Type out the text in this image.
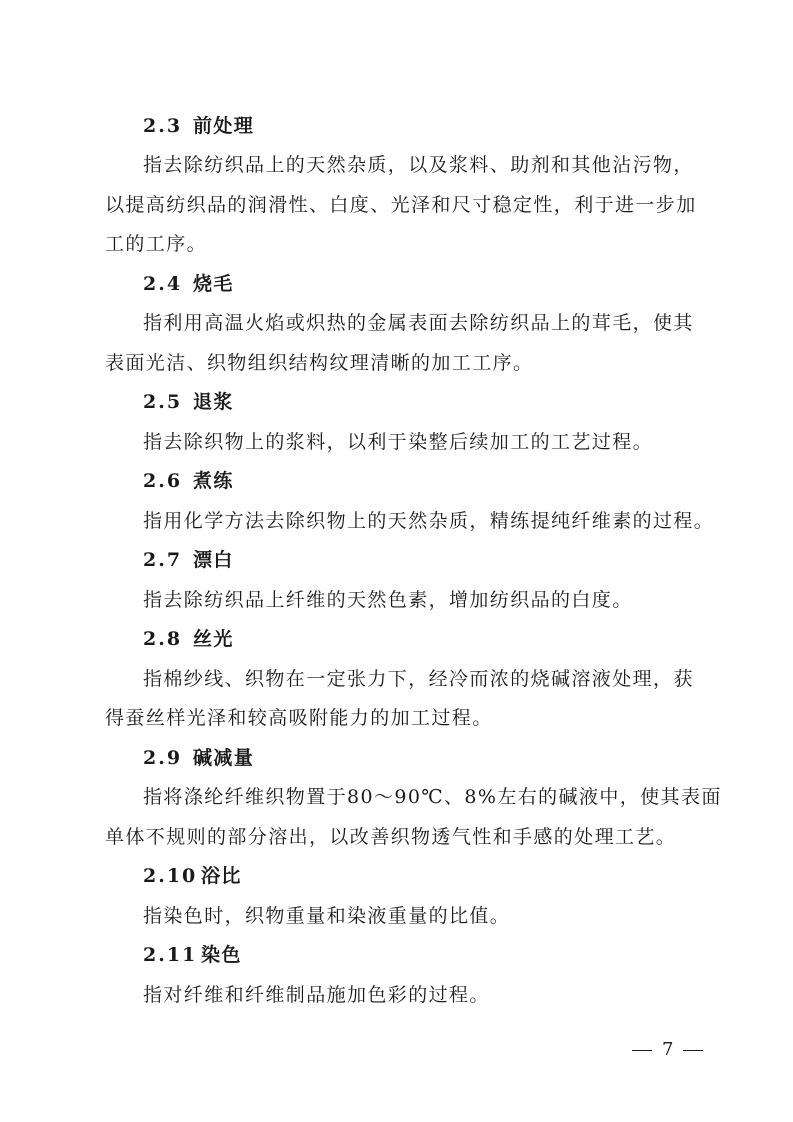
2.3 前处理
指去除纺织品上的天然杂质，以及浆料、助剂和其他沾污物，
以提高纺织品的润滑性、白度、光泽和尺寸稳定性，利于进一步加
工的工序。
2.4 烧毛
指利用高温火焰或炽热的金属表面去除纺织品上的茸毛，使其
表面光洁、织物组织结构纹理清晰的加工工序。
2.5 退浆
指去除织物上的浆料，以利于染整后续加工的工艺过程。
2.6 煮练
指用化学方法去除织物上的天然杂质，精练提纯纤维素的过程。
2.7 漂白
指去除纺织品上纤维的天然色素，增加纺织品的白度。
2.8 丝光
指棉纱线、织物在一定张力下，经冷而浓的烧碱溶液处理，获
得蚕丝样光泽和较高吸附能力的加工过程。
2.9 碱减量
指将涤纶纤维织物置于80～90℃、8%左右的碱液中，使其表面
单体不规则的部分溶出，以改善织物透气性和手感的处理工艺。
2.10 浴比
指染色时，织物重量和染液重量的比值。
2.11 染色
指对纤维和纤维制品施加色彩的过程。
7
